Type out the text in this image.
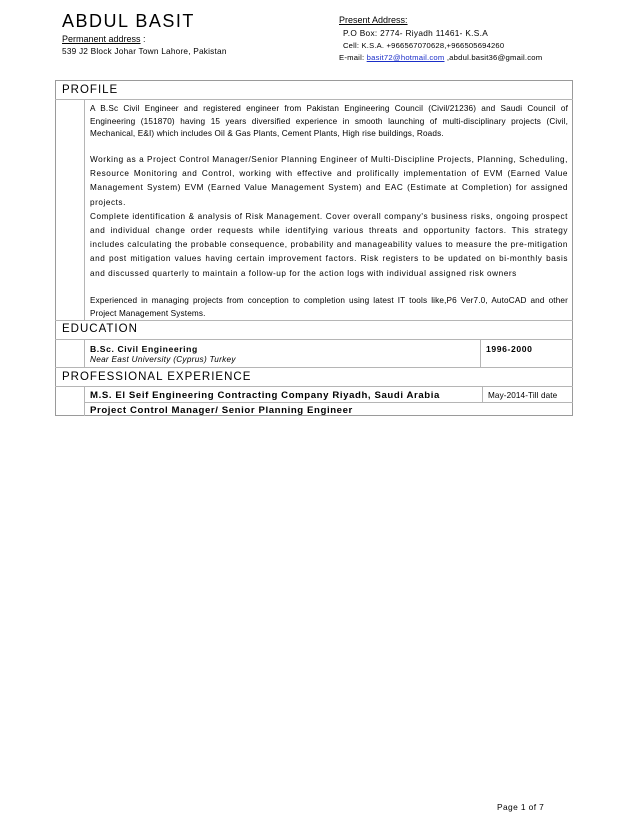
ABDUL BASIT
Permanent address :
539 J2 Block Johar Town Lahore, Pakistan
Present Address:
P.O Box: 2774- Riyadh 11461- K.S.A
Cell: K.S.A. +966567070628,+966505694260
E-mail: basit72@hotmail.com ,abdul.basit36@gmail.com
PROFILE

A B.Sc Civil Engineer and registered engineer from Pakistan Engineering Council (Civil/21236) and Saudi Council of Engineering (151870) having 15 years diversified experience in smooth launching of multi-disciplinary projects (Civil, Mechanical, E&I) which includes Oil & Gas Plants, Cement Plants, High rise buildings, Roads.

Working as a Project Control Manager/Senior Planning Engineer of Multi-Discipline Projects, Planning, Scheduling, Resource Monitoring and Control, working with effective and prolifically implementation of EVM (Earned Value Management System) EVM (Earned Value Management System) and EAC (Estimate at Completion) for assigned projects.

Complete identification & analysis of Risk Management. Cover overall company's business risks, ongoing prospect and individual change order requests while identifying various threats and opportunity factors. This strategy includes calculating the probable consequence, probability and manageability values to measure the pre-mitigation and post mitigation values having certain improvement factors. Risk registers to be updated on bi-monthly basis and discussed quarterly to maintain a follow-up for the action logs with individual assigned risk owners

Experienced in managing projects from conception to completion using latest IT tools like,P6 Ver7.0, AutoCAD and other Project Management Systems.

EDUCATION
B.Sc. Civil Engineering
Near East University (Cyprus) Turkey
1996-2000
PROFESSIONAL EXPERIENCE
M.S. El Seif Engineering Contracting Company Riyadh, Saudi Arabia	May-2014-Till date
Project Control Manager/ Senior Planning Engineer
Page 1 of 7
